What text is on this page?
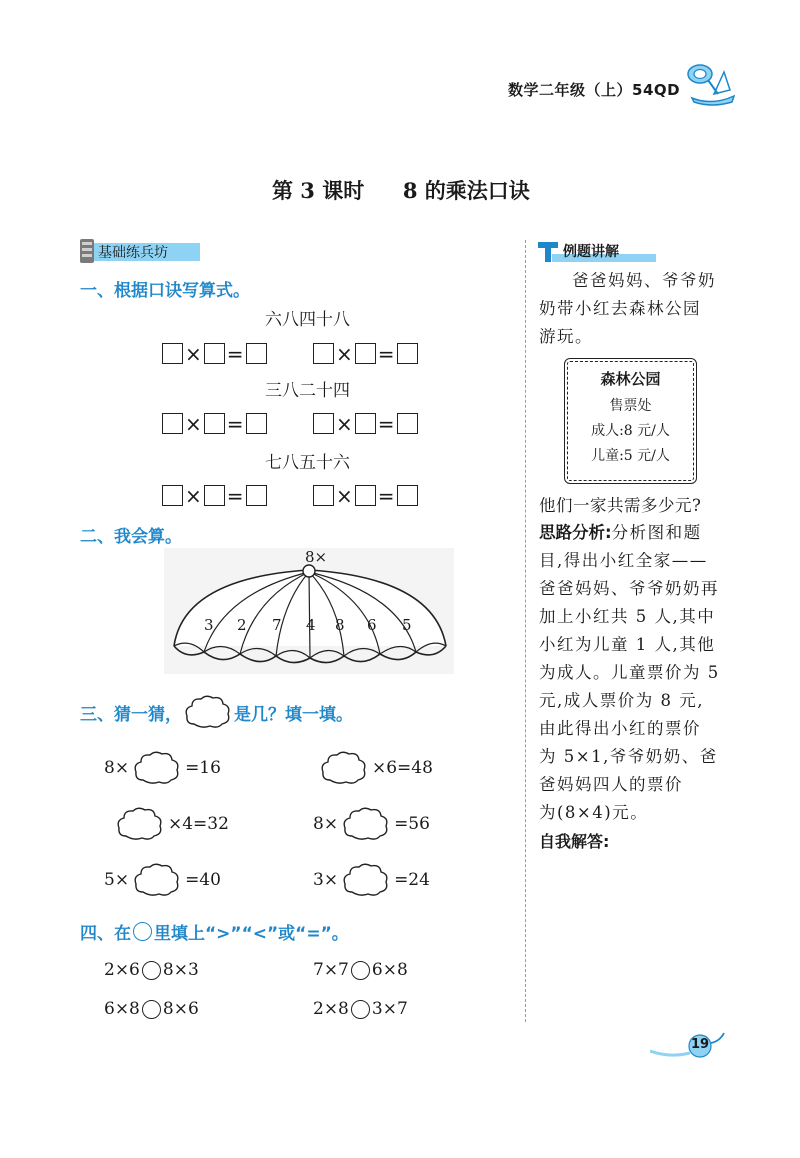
数学二年级（上）54QD
第 3 课时 8 的乘法口诀
基础练兵坊
一、根据口诀写算式。
六八四十八
× =	× =
三八二十四
× =	× =
七八五十六
× =	× =
二、我会算。
8×
3 2 7 4 8 6 5
三、猜一猜，	是几？填一填。
8×	=16	×6=48
×4=32	8×	=56
5×	=40	3×	=24
四、在 里填上“>”“<”或“=”。
2×6 8×3	7×7 6×8
6×8 8×6	2×8 3×7
例题讲解
爸爸妈妈、爷爷奶
奶带小红去森林公园
游玩。
森林公园
售票处
成人:8 元/人
儿童:5 元/人
他们一家共需多少元?
思路分析:分析图和题
目,得出小红全家——
爸爸妈妈、爷爷奶奶再
加上小红共 5 人,其中
小红为儿童 1 人,其他
为成人。儿童票价为 5
元,成人票价为 8 元,
由此得出小红的票价
为 5×1,爷爷奶奶、爸
爸妈妈四人的票价
为(8×4)元。
自我解答:
19
